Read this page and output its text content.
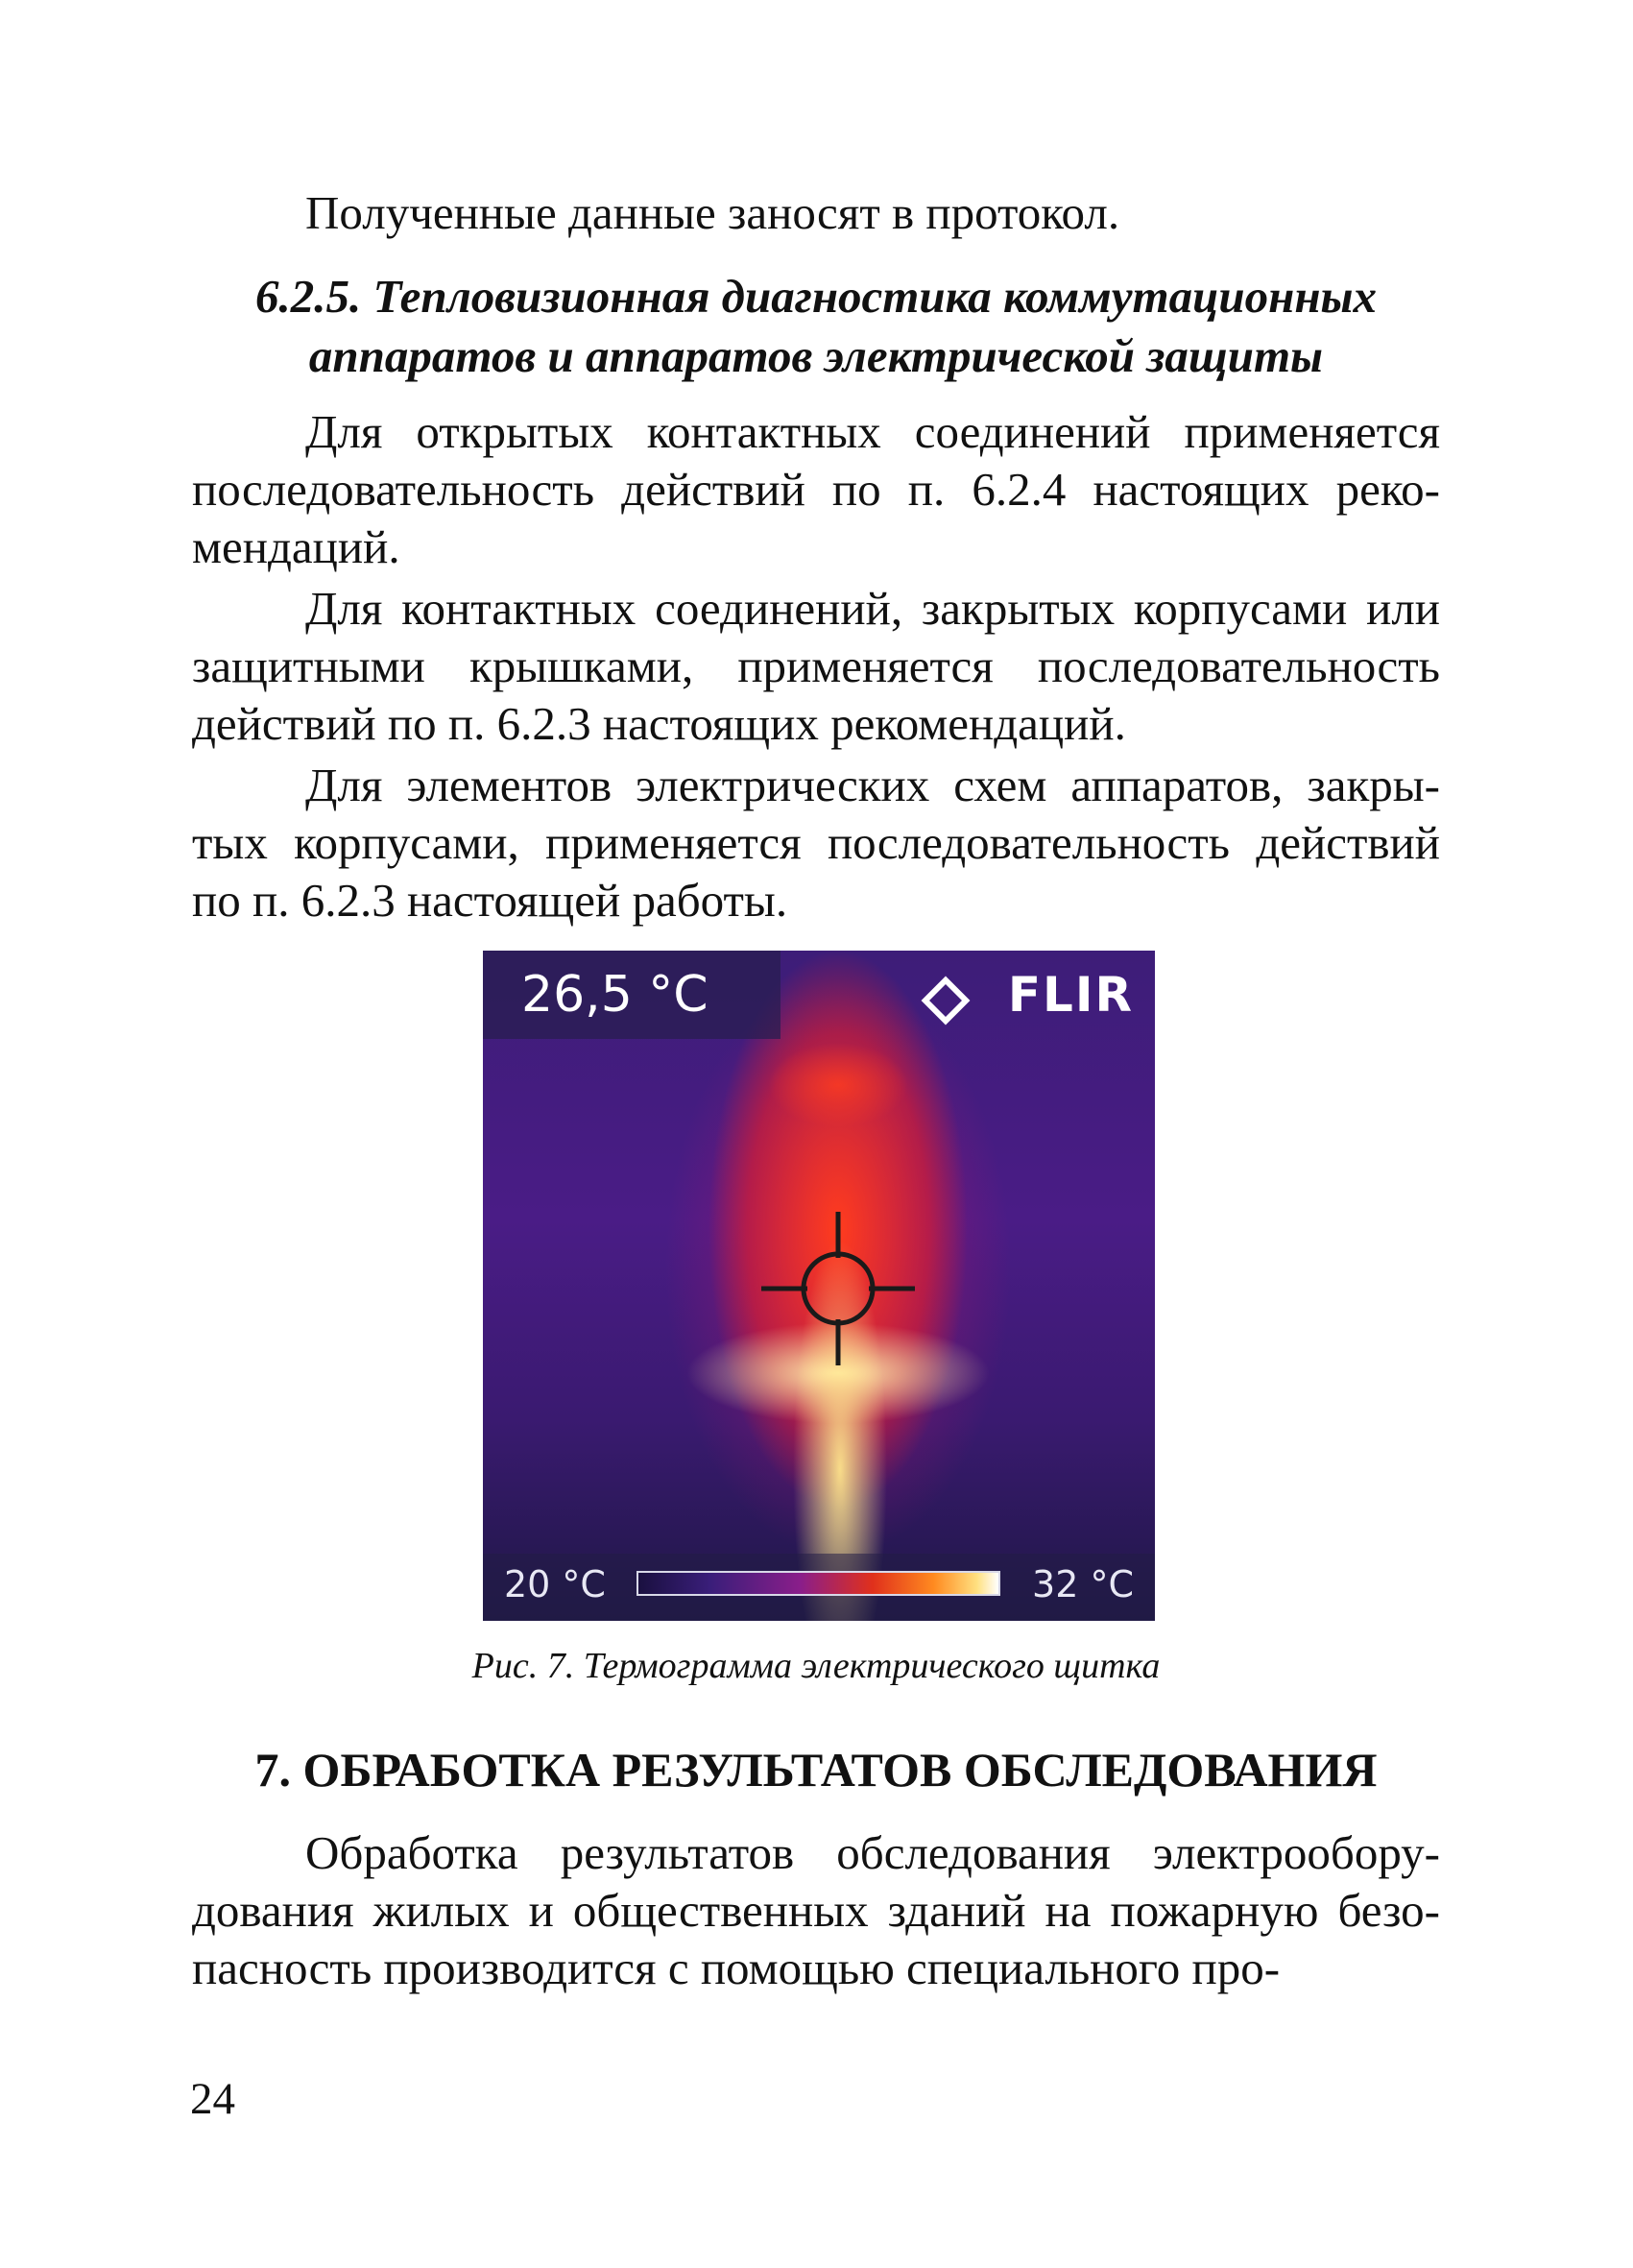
Полученные данные заносят в протокол.

6.2.5. Тепловизионная диагностика коммутационных

аппаратов и аппаратов электрической защиты

Для открытых контактных соединений применяется последовательность действий по п. 6.2.4 настоящих реко-мендаций.

Для контактных соединений, закрытых корпусами или защитными крышками, применяется последовательность действий по п. 6.2.3 настоящих рекомендаций.

Для элементов электрических схем аппаратов, закры-тых корпусами, применяется последовательность действий по п. 6.2.3 настоящей работы.

26,5 °C	FLIR
20 °C	32 °C

Рис. 7. Термограмма электрического щитка

7. ОБРАБОТКА РЕЗУЛЬТАТОВ ОБСЛЕДОВАНИЯ

Обработка результатов обследования электрообору-дования жилых и общественных зданий на пожарную безо-пасность производится с помощью специального про-

24
